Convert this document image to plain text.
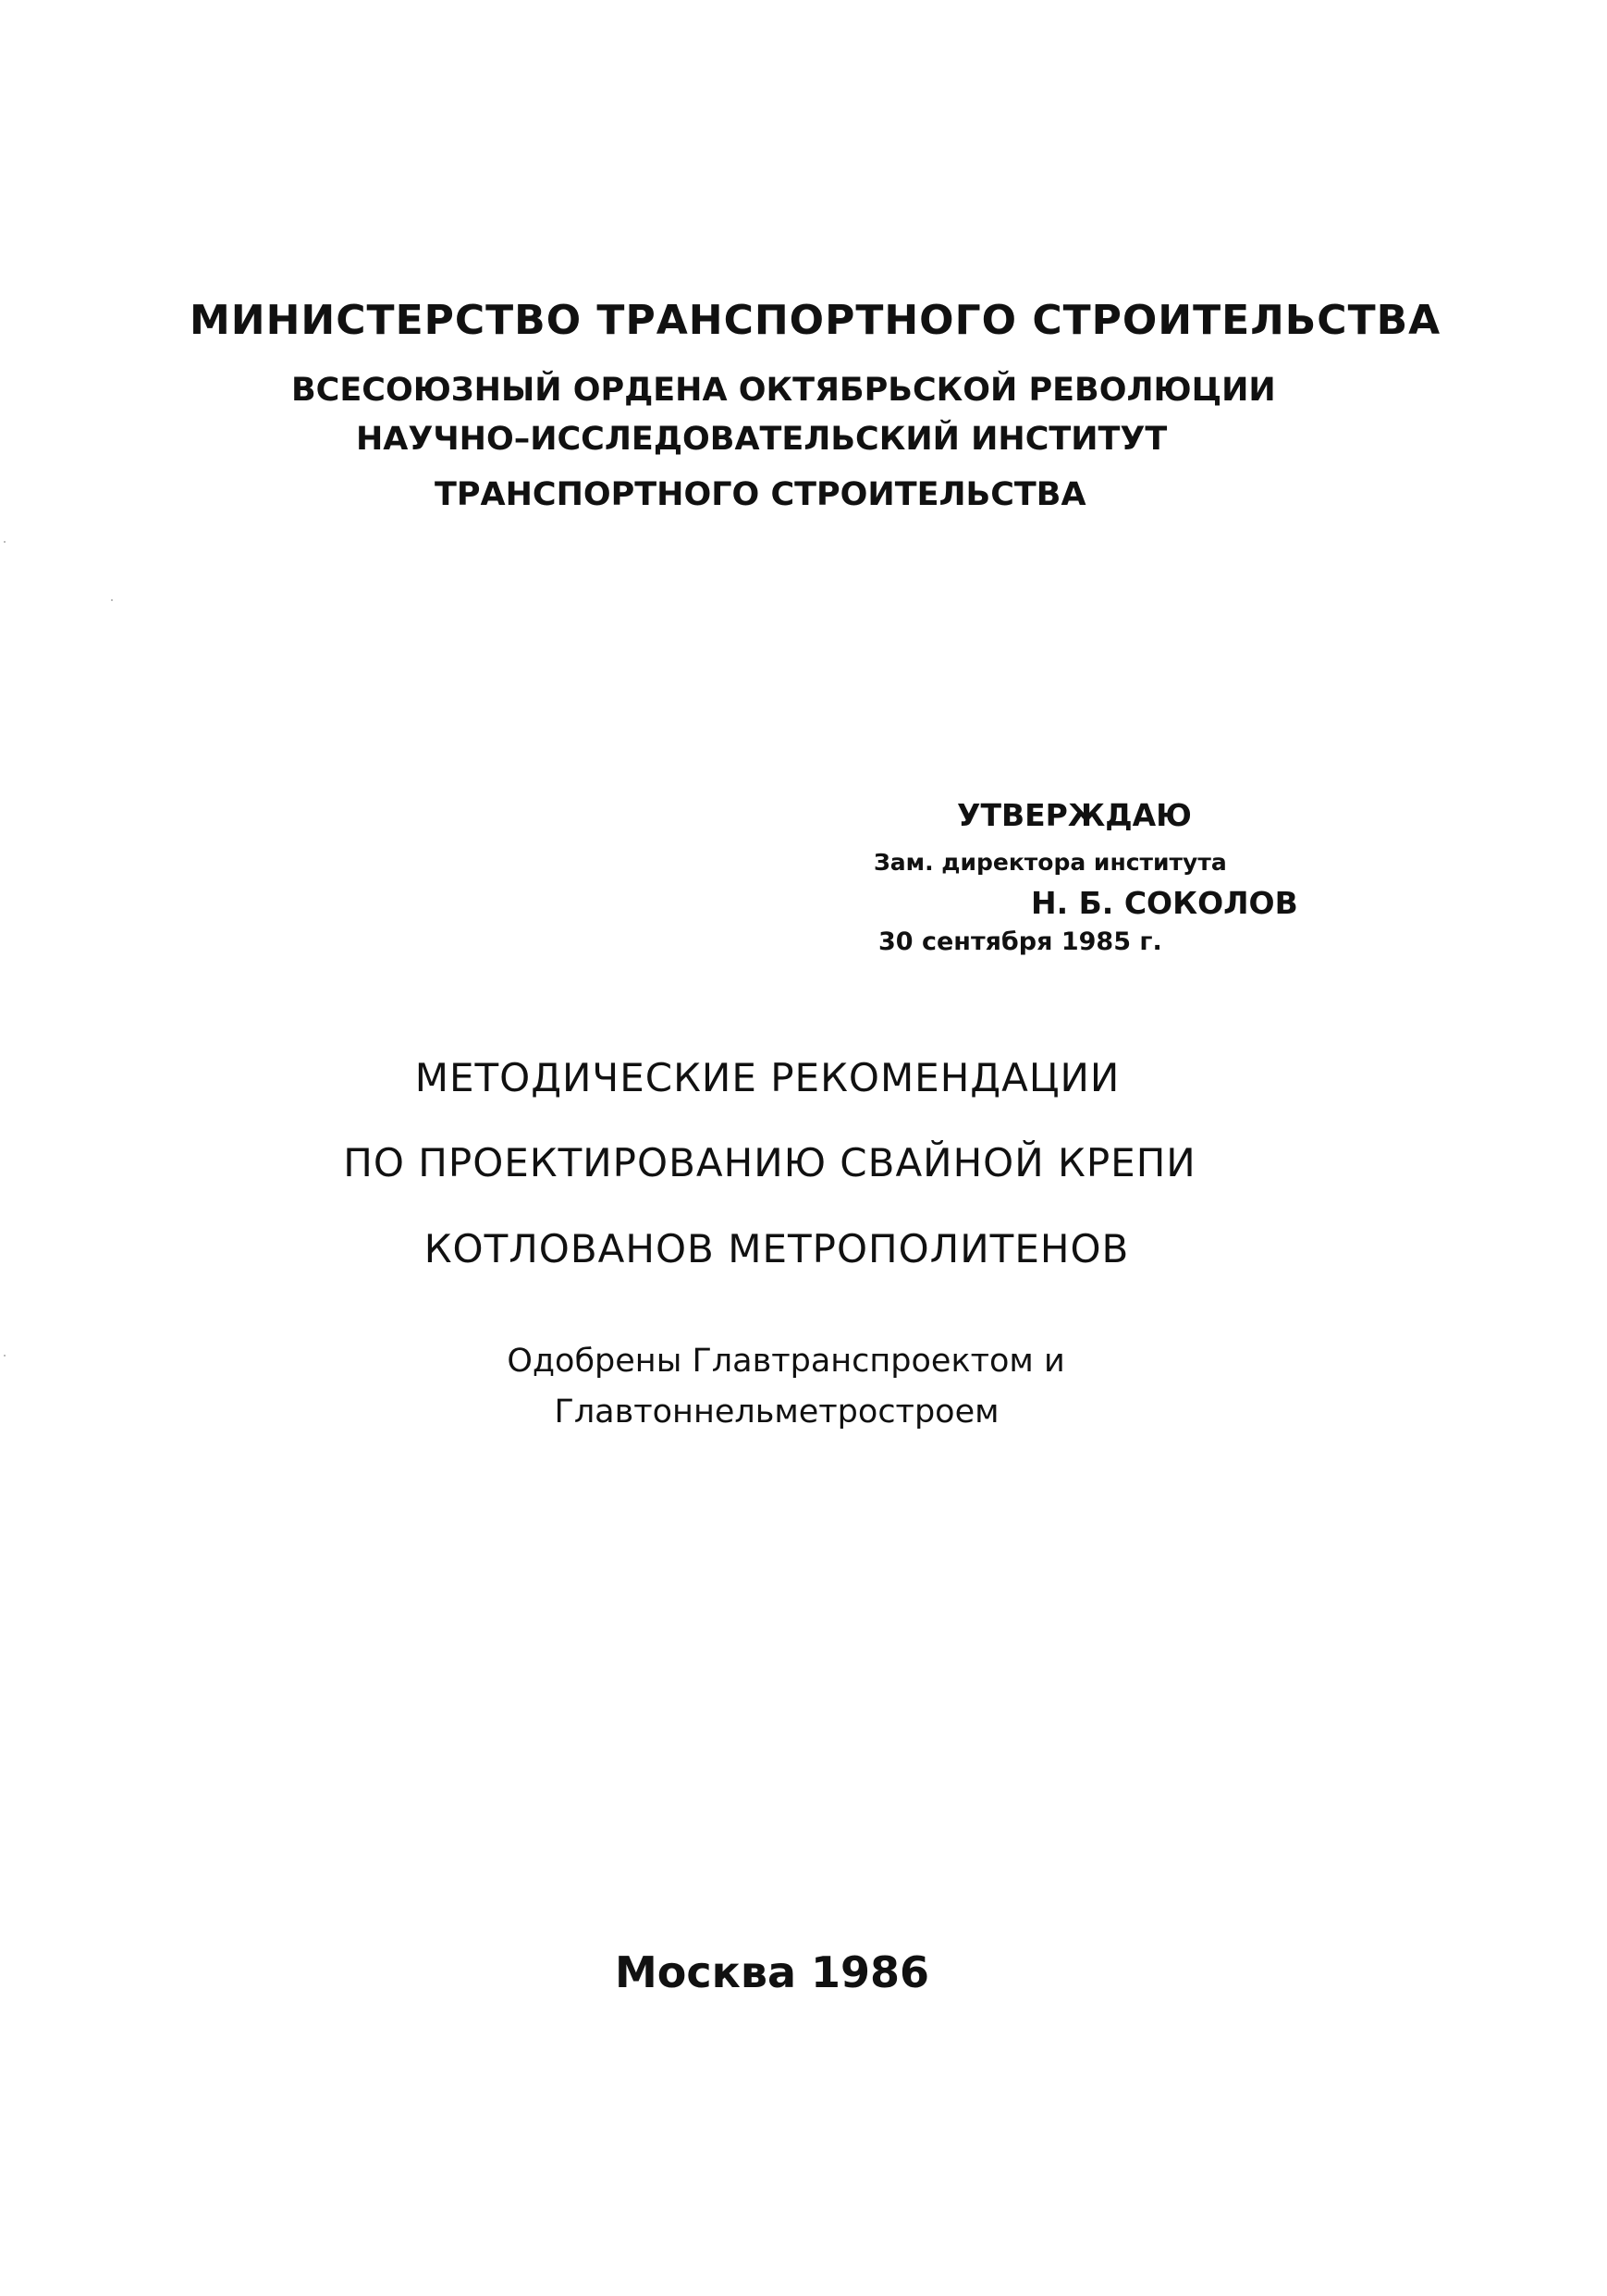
МИНИСТЕРСТВО ТРАНСПОРТНОГО СТРОИТЕЛЬСТВА
ВСЕСОЮЗНЫЙ ОРДЕНА ОКТЯБРЬСКОЙ РЕВОЛЮЦИИ
НАУЧНО–ИССЛЕДОВАТЕЛЬСКИЙ ИНСТИТУТ
ТРАНСПОРТНОГО СТРОИТЕЛЬСТВА
УТВЕРЖДАЮ
Зам. директора института
Н. Б. СОКОЛОВ
30 сентября 1985 г.
МЕТОДИЧЕСКИЕ РЕКОМЕНДАЦИИ
ПО ПРОЕКТИРОВАНИЮ СВАЙНОЙ КРЕПИ
КОТЛОВАНОВ МЕТРОПОЛИТЕНОВ
Одобрены Главтранспроектом и
Главтоннельметростроем
Москва 1986
